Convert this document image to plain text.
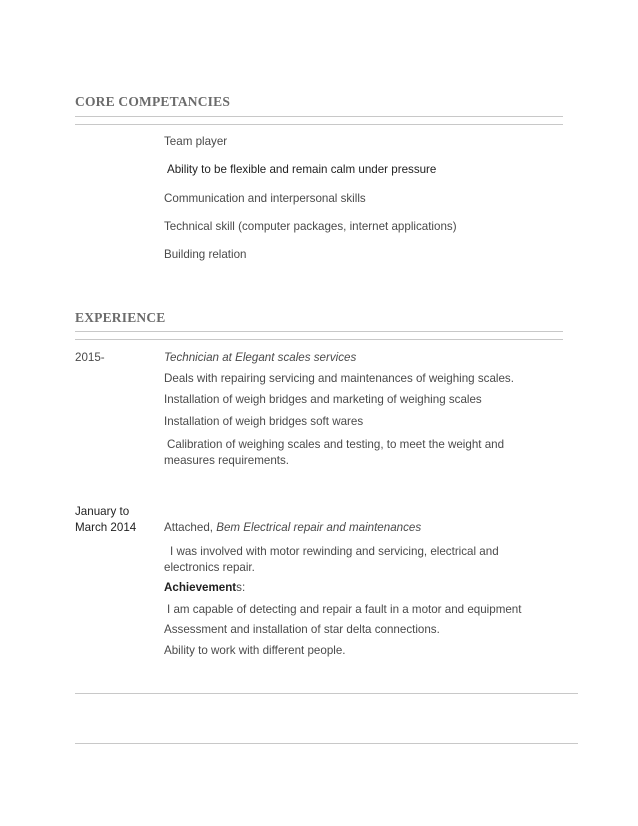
CORE COMPETANCIES
Team player
Ability to be flexible and remain calm under pressure
Communication and interpersonal skills
Technical skill (computer packages, internet applications)
Building relation
EXPERIENCE
2015-	Technician at Elegant scales services
Deals with repairing servicing and maintenances of weighing scales.
Installation of weigh bridges and marketing of weighing scales
Installation of weigh bridges soft wares
Calibration of weighing scales and testing, to meet the weight and measures requirements.
January to
March 2014 Attached, Bem Electrical repair and maintenances
I was involved with motor rewinding and servicing, electrical and electronics repair.
Achievements:
I am capable of detecting and repair a fault in a motor and equipment
Assessment and installation of star delta connections.
Ability to work with different people.
